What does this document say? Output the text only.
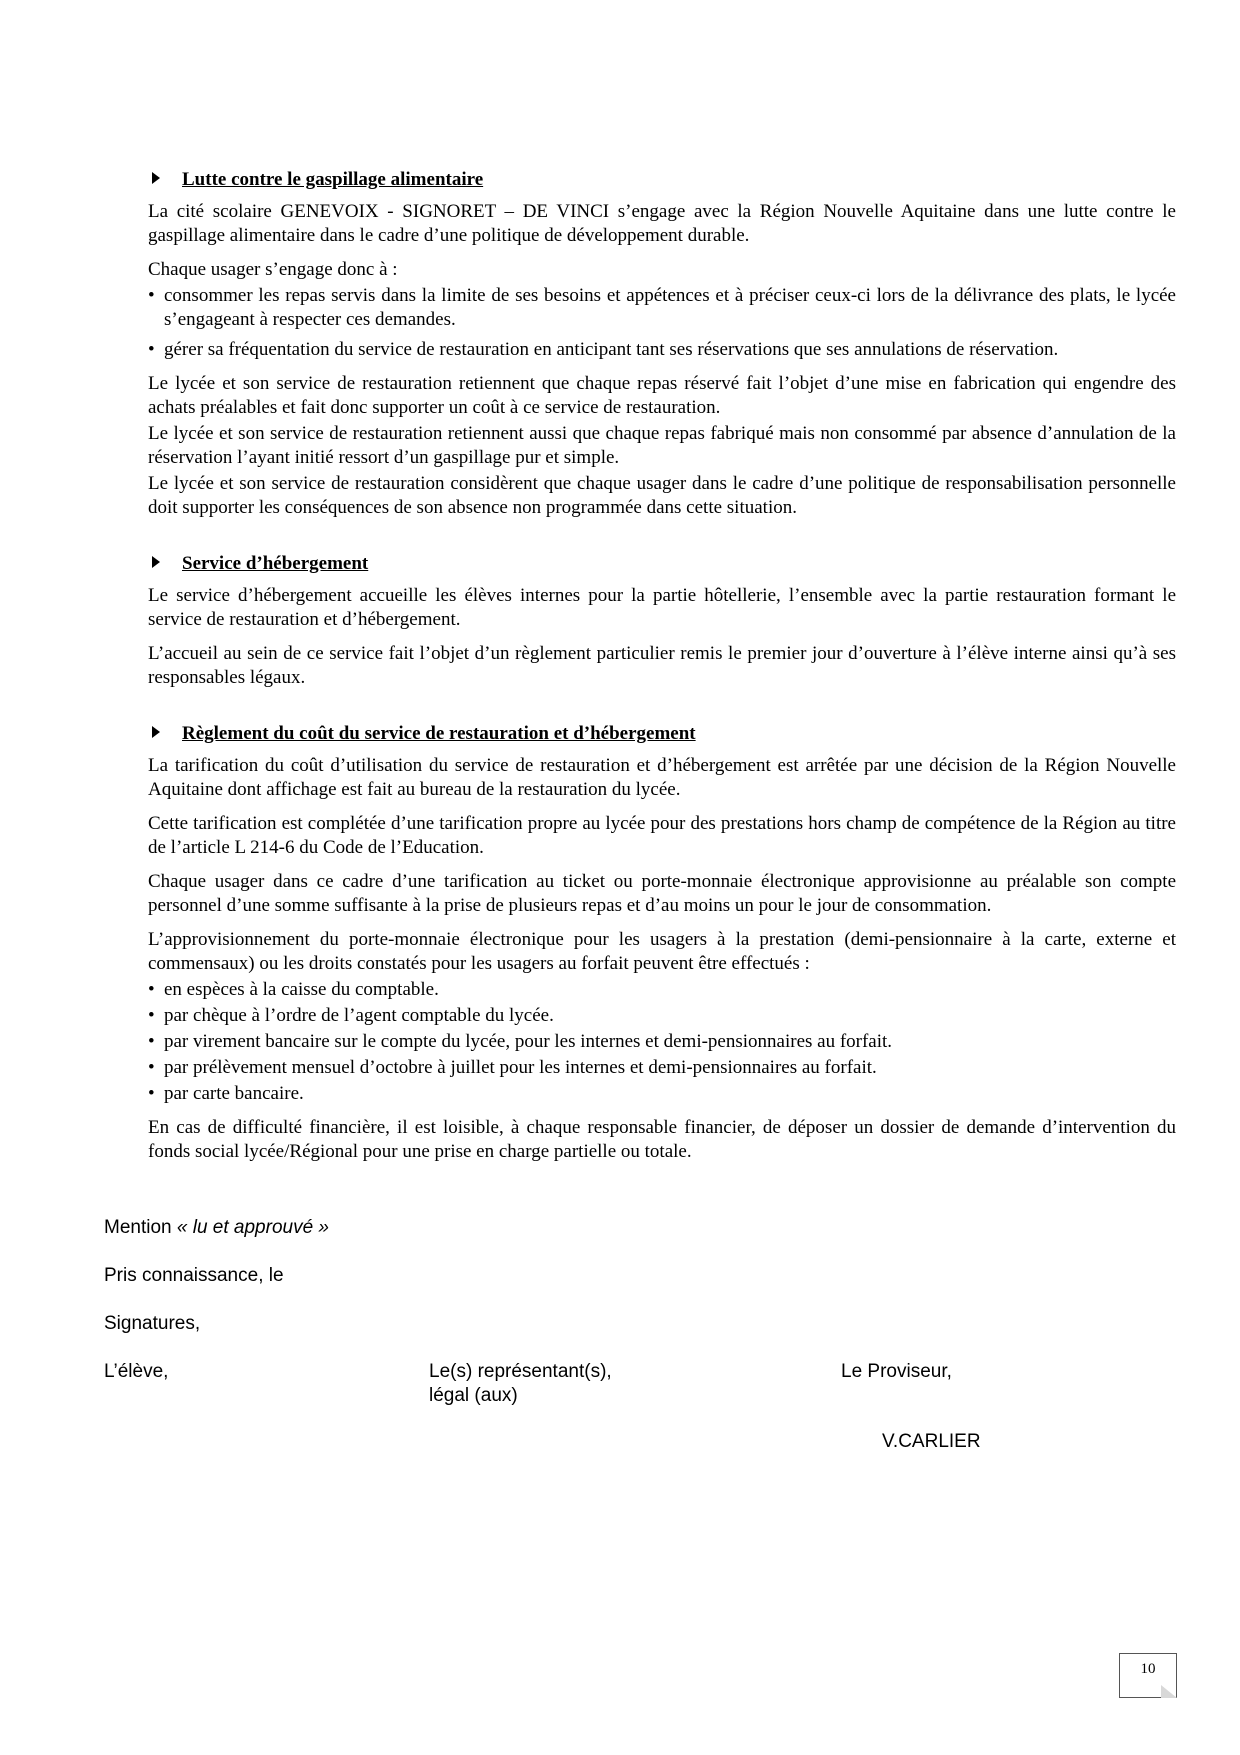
Lutte contre le gaspillage alimentaire

La cité scolaire GENEVOIX - SIGNORET – DE VINCI s’engage avec la Région Nouvelle Aquitaine dans une lutte contre le gaspillage alimentaire dans le cadre d’une politique de développement durable.

Chaque usager s’engage donc à :

• consommer les repas servis dans la limite de ses besoins et appétences et à préciser ceux-ci lors de la délivrance des plats, le lycée s’engageant à respecter ces demandes.
• gérer sa fréquentation du service de restauration en anticipant tant ses réservations que ses annulations de réservation.

Le lycée et son service de restauration retiennent que chaque repas réservé fait l’objet d’une mise en fabrication qui engendre des achats préalables et fait donc supporter un coût à ce service de restauration.

Le lycée et son service de restauration retiennent aussi que chaque repas fabriqué mais non consommé par absence d’annulation de la réservation l’ayant initié ressort d’un gaspillage pur et simple.

Le lycée et son service de restauration considèrent que chaque usager dans le cadre d’une politique de responsabilisation personnelle doit supporter les conséquences de son absence non programmée dans cette situation.

Service d’hébergement

Le service d’hébergement accueille les élèves internes pour la partie hôtellerie, l’ensemble avec la partie restauration formant le service de restauration et d’hébergement.

L’accueil au sein de ce service fait l’objet d’un règlement particulier remis le premier jour d’ouverture à l’élève interne ainsi qu’à ses responsables légaux.

Règlement du coût du service de restauration et d’hébergement

La tarification du coût d’utilisation du service de restauration et d’hébergement est arrêtée par une décision de la Région Nouvelle Aquitaine dont affichage est fait au bureau de la restauration du lycée.

Cette tarification est complétée d’une tarification propre au lycée pour des prestations hors champ de compétence de la Région au titre de l’article L 214-6 du Code de l’Education.

Chaque usager dans ce cadre d’une tarification au ticket ou porte-monnaie électronique approvisionne au préalable son compte personnel d’une somme suffisante à la prise de plusieurs repas et d’au moins un pour le jour de consommation.

L’approvisionnement du porte-monnaie électronique pour les usagers à la prestation (demi-pensionnaire à la carte, externe et commensaux) ou les droits constatés pour les usagers au forfait peuvent être effectués :

• en espèces à la caisse du comptable.
• par chèque à l’ordre de l’agent comptable du lycée.
• par virement bancaire sur le compte du lycée, pour les internes et demi-pensionnaires au forfait.
• par prélèvement mensuel d’octobre à juillet pour les internes et demi-pensionnaires au forfait.
• par carte bancaire.

En cas de difficulté financière, il est loisible, à chaque responsable financier, de déposer un dossier de demande d’intervention du fonds social lycée/Régional pour une prise en charge partielle ou totale.

Mention « lu et approuvé »
Pris connaissance, le
Signatures,
L’élève,	Le(s) représentant(s),
légal (aux)
Le Proviseur,
V.CARLIER
10
